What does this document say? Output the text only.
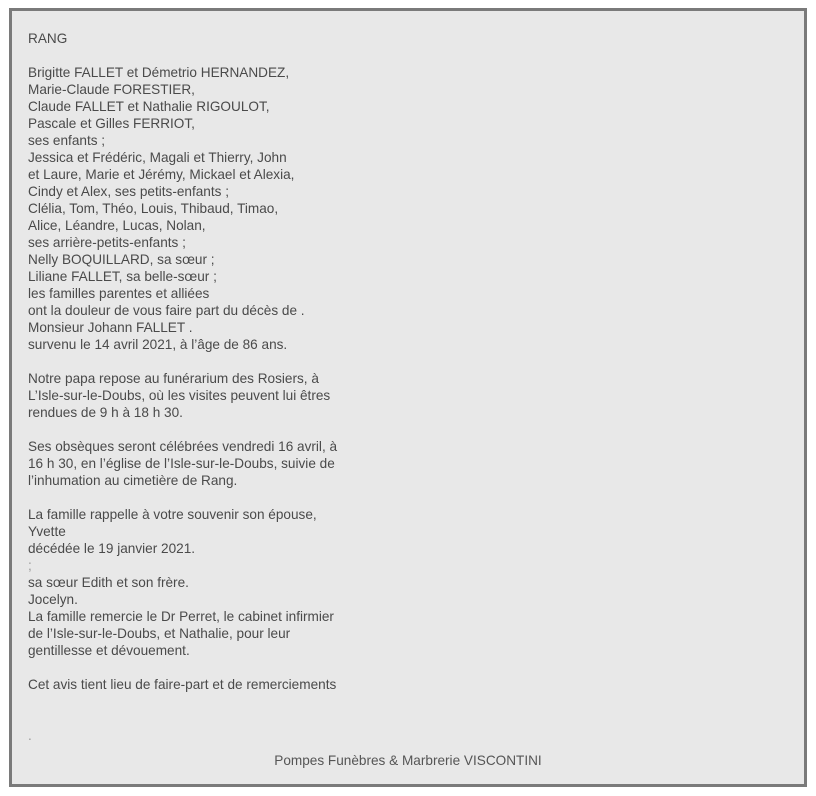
RANG
Brigitte FALLET et Démetrio HERNANDEZ,
Marie-Claude FORESTIER,
Claude FALLET et Nathalie RIGOULOT,
Pascale et Gilles FERRIOT,
ses enfants ;
Jessica et Frédéric, Magali et Thierry, John
et Laure, Marie et Jérémy, Mickael et Alexia,
Cindy et Alex, ses petits-enfants ;
Clélia, Tom, Théo, Louis, Thibaud, Timao,
Alice, Léandre, Lucas, Nolan,
ses arrière-petits-enfants ;
Nelly BOQUILLARD, sa sœur ;
Liliane FALLET, sa belle-sœur ;
les familles parentes et alliées
ont la douleur de vous faire part du décès de .
Monsieur Johann FALLET .
survenu le 14 avril 2021, à l’âge de 86 ans.
Notre papa repose au funérarium des Rosiers, à
L’Isle-sur-le-Doubs, où les visites peuvent lui êtres
rendues de 9 h à 18 h 30.
Ses obsèques seront célébrées vendredi 16 avril, à
16 h 30, en l’église de l’Isle-sur-le-Doubs, suivie de
l’inhumation au cimetière de Rang.
La famille rappelle à votre souvenir son épouse,
Yvette
décédée le 19 janvier 2021.
;
sa sœur Edith et son frère.
Jocelyn.
La famille remercie le Dr Perret, le cabinet infirmier
de l’Isle-sur-le-Doubs, et Nathalie, pour leur
gentillesse et dévouement.
Cet avis tient lieu de faire-part et de remerciements
.
Pompes Funèbres & Marbrerie VISCONTINI
